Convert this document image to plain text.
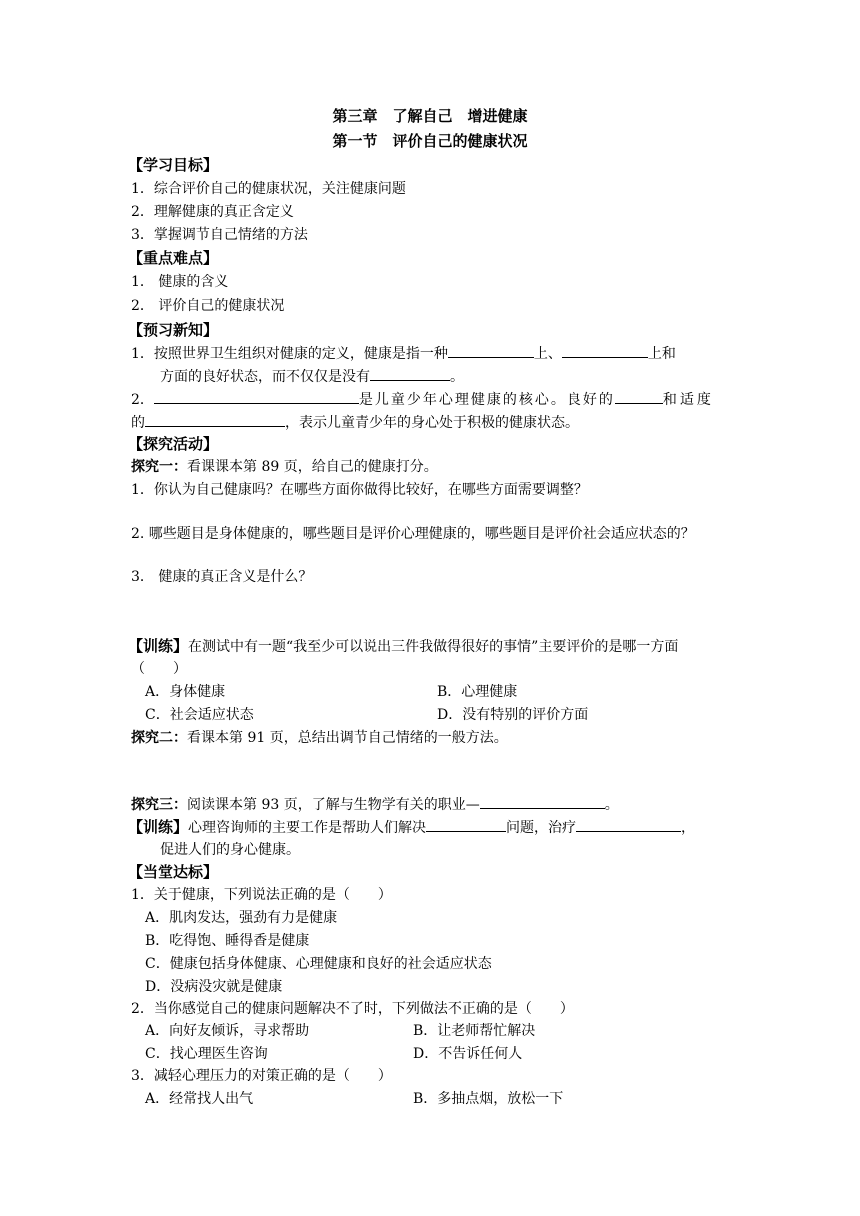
第三章　了解自己　增进健康
第一节　评价自己的健康状况
【学习目标】
1．综合评价自己的健康状况，关注健康问题
2．理解健康的真正含定义
3．掌握调节自己情绪的方法
【重点难点】
1． 健康的含义
2． 评价自己的健康状况
【预习新知】
1．按照世界卫生组织对健康的定义，健康是指一种	上、	上和
方面的良好状态，而不仅仅是没有	。
2．	是儿童少年心理健康的核心。良好的	和适度
的	，表示儿童青少年的身心处于积极的健康状态。
【探究活动】
探究一：看课课本第 89 页，给自己的健康打分。
1．你认为自己健康吗？在哪些方面你做得比较好，在哪些方面需要调整？
2. 哪些题目是身体健康的，哪些题目是评价心理健康的，哪些题目是评价社会适应状态的？
3． 健康的真正含义是什么？
【训练】在测试中有一题“我至少可以说出三件我做得很好的事情”主要评价的是哪一方面
（　　）
A．身体健康	B．心理健康
C．社会适应状态	D．没有特别的评价方面
探究二：看课本第 91 页，总结出调节自己情绪的一般方法。
探究三：阅读课本第 93 页，了解与生物学有关的职业—	。
【训练】心理咨询师的主要工作是帮助人们解决	问题，治疗	，
促进人们的身心健康。
【当堂达标】
1．关于健康，下列说法正确的是（　　）
A．肌肉发达，强劲有力是健康
B．吃得饱、睡得香是健康
C．健康包括身体健康、心理健康和良好的社会适应状态
D．没病没灾就是健康
2．当你感觉自己的健康问题解决不了时，下列做法不正确的是（　　）
A．向好友倾诉，寻求帮助	B．让老师帮忙解决
C．找心理医生咨询	D．不告诉任何人
3．减轻心理压力的对策正确的是（　　）
A．经常找人出气	B．多抽点烟，放松一下
